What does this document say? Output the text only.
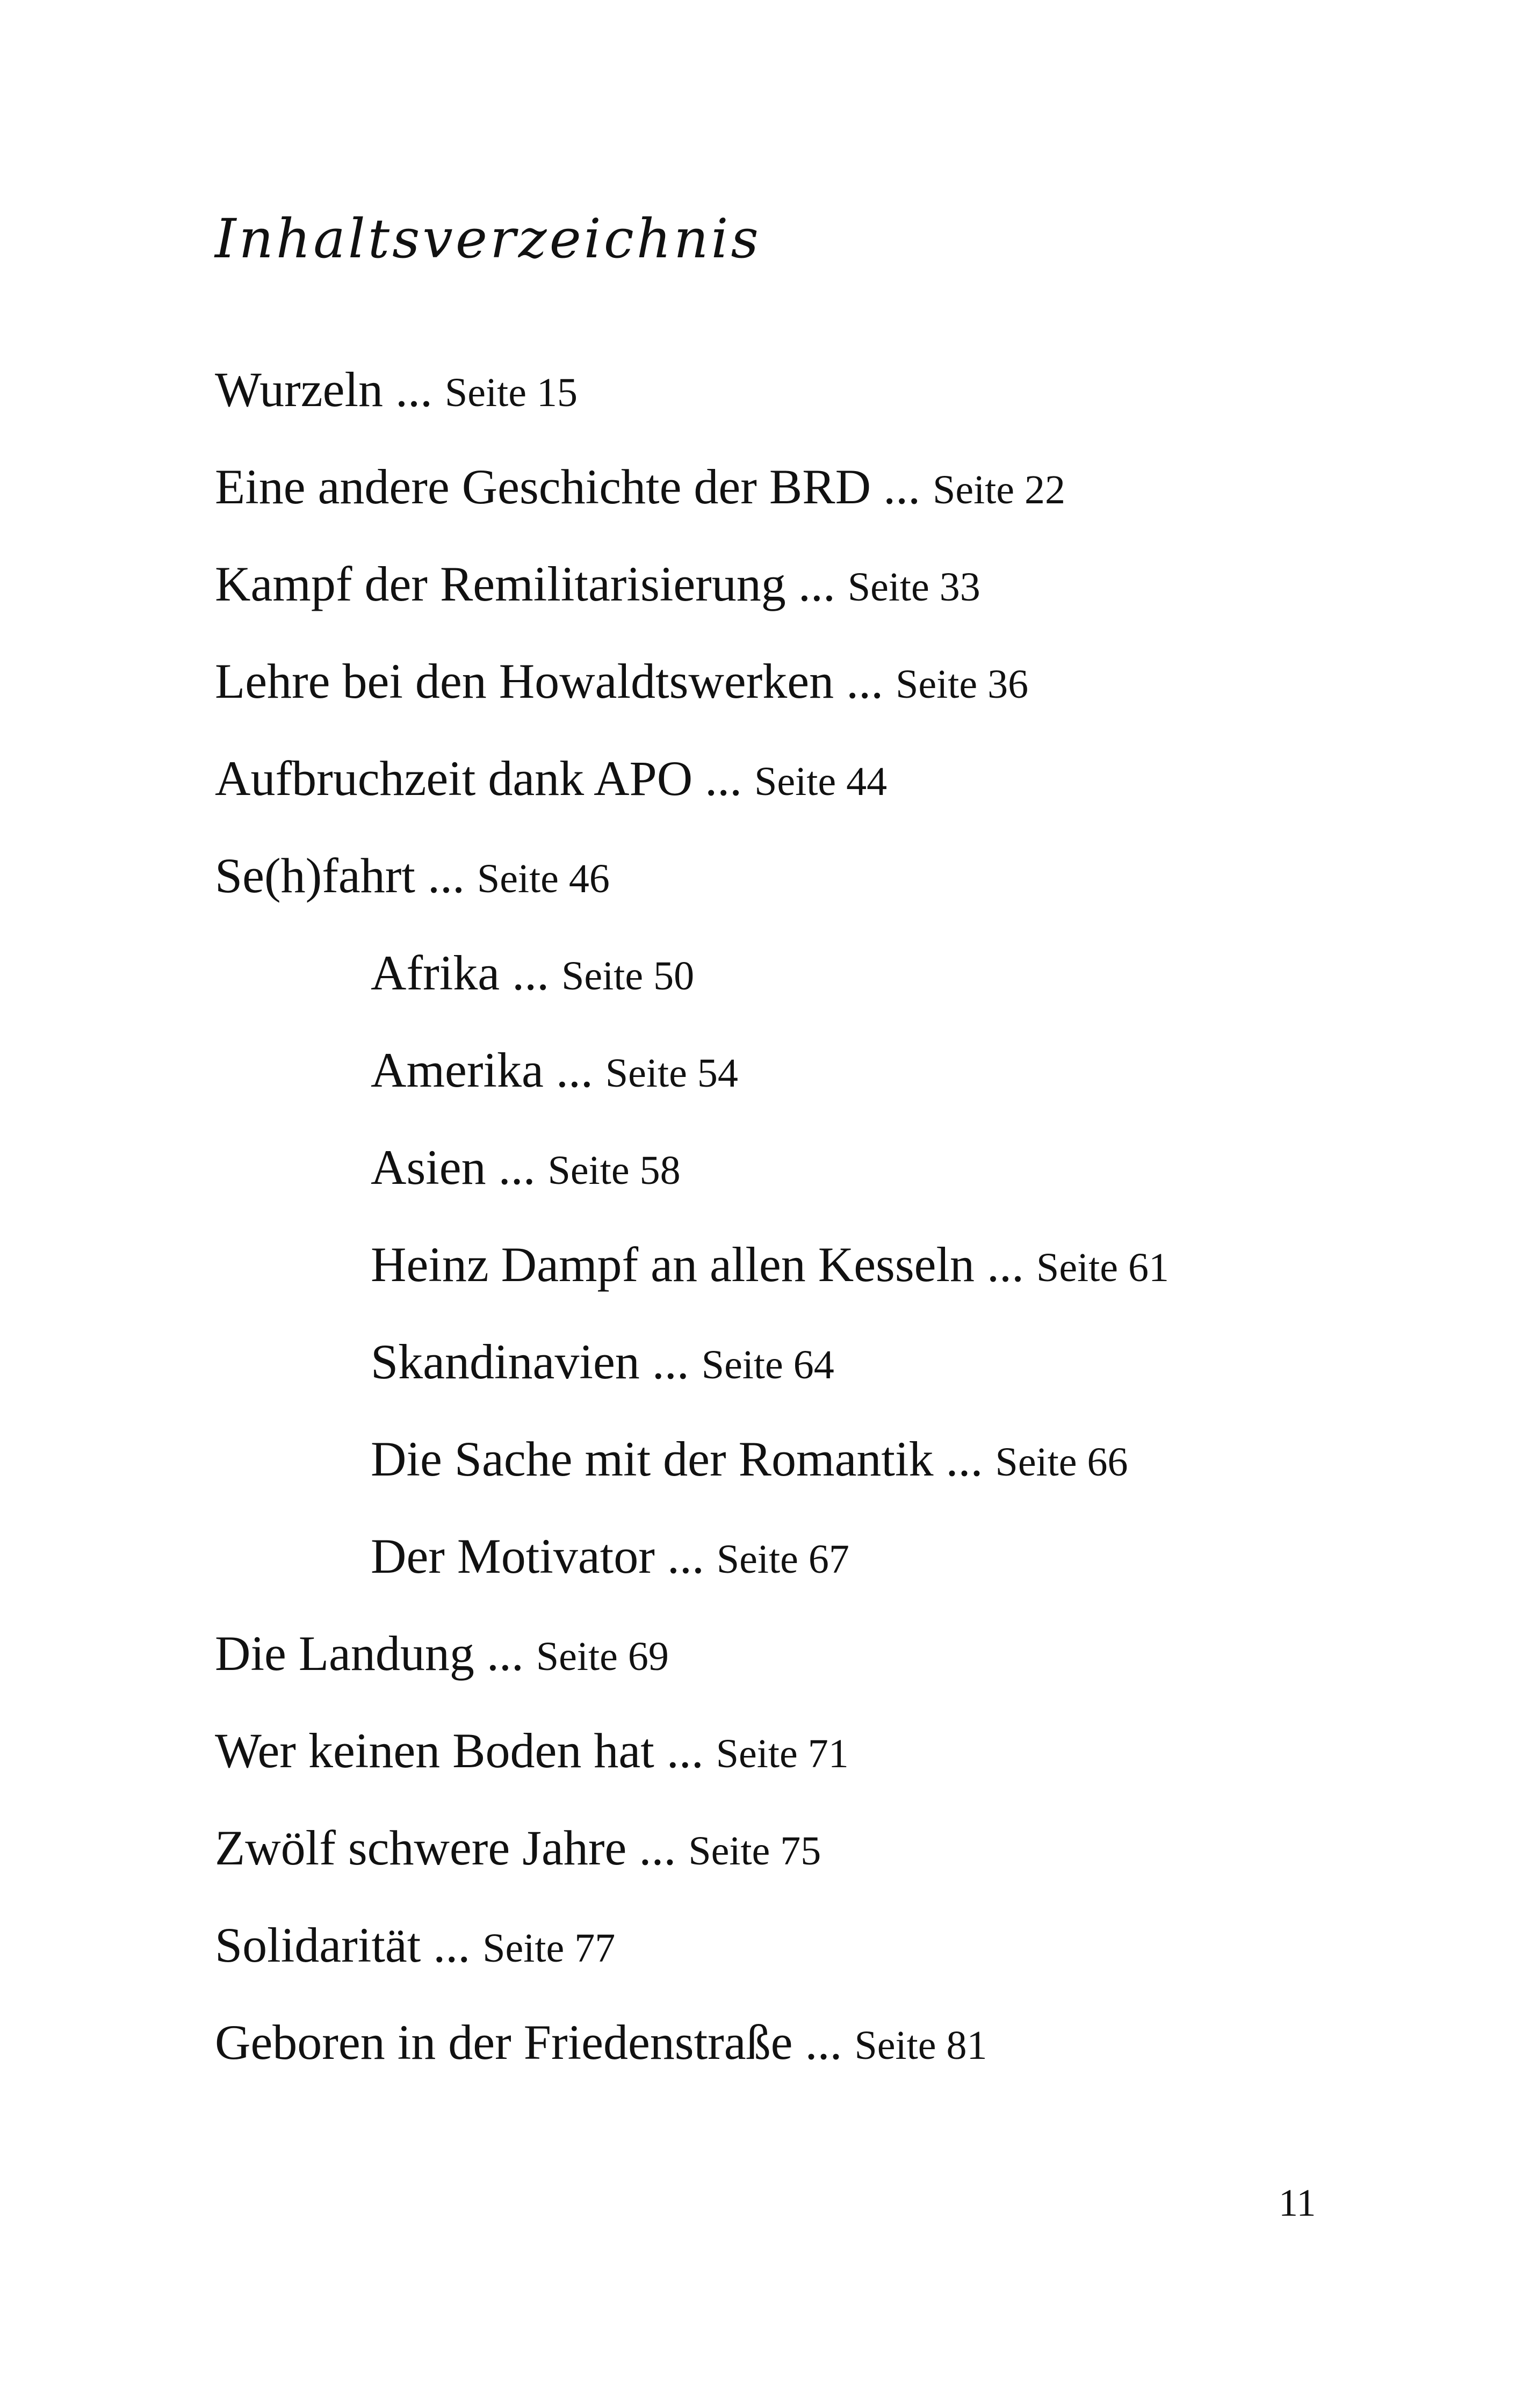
Inhaltsverzeichnis
Wurzeln ... Seite 15
Eine andere Geschichte der BRD ... Seite 22
Kampf der Remilitarisierung ... Seite 33
Lehre bei den Howaldtswerken ... Seite 36
Aufbruchzeit dank APO ... Seite 44
Se(h)fahrt ... Seite 46
Afrika ... Seite 50
Amerika ... Seite 54
Asien ... Seite 58
Heinz Dampf an allen Kesseln ... Seite 61
Skandinavien ... Seite 64
Die Sache mit der Romantik ... Seite 66
Der Motivator ... Seite 67
Die Landung ... Seite 69
Wer keinen Boden hat ... Seite 71
Zwölf schwere Jahre ... Seite 75
Solidarität ... Seite 77
Geboren in der Friedenstraße ... Seite 81
11
